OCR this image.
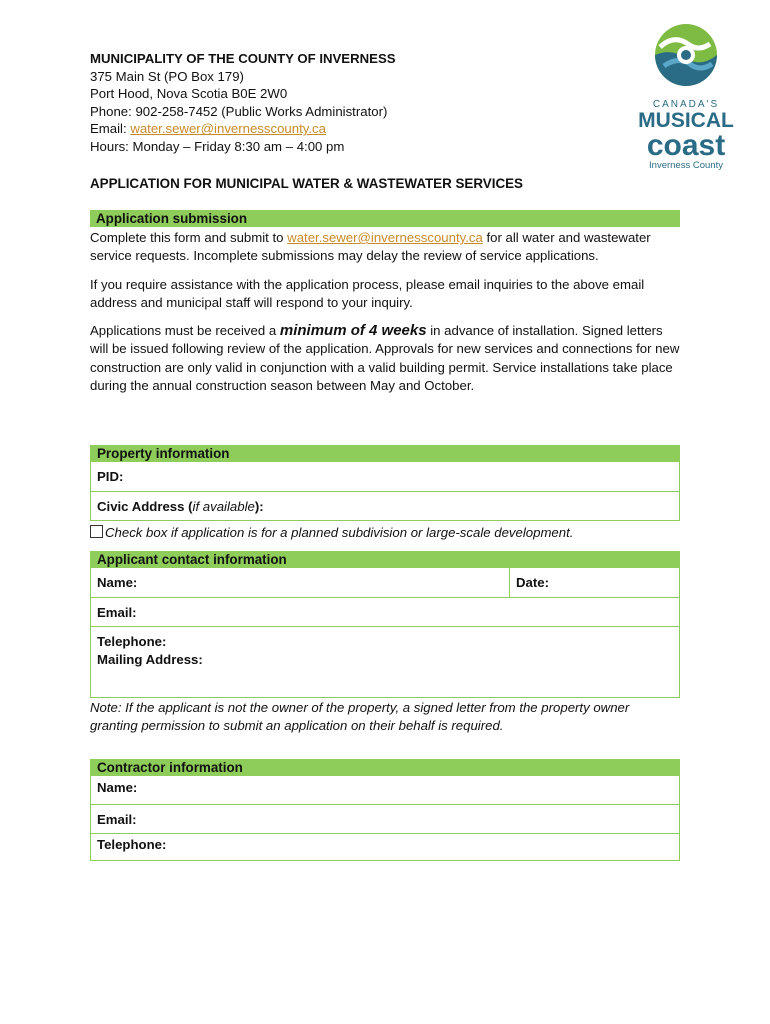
MUNICIPALITY OF THE COUNTY OF INVERNESS
375 Main St (PO Box 179)
Port Hood, Nova Scotia B0E 2W0
Phone: 902-258-7452 (Public Works Administrator)
Email: water.sewer@invernesscounty.ca
Hours: Monday – Friday 8:30 am – 4:00 pm
CANADA'S
MUSICAL
coast
Inverness County
APPLICATION FOR MUNICIPAL WATER & WASTEWATER SERVICES
Application submission

Complete this form and submit to water.sewer@invernesscounty.ca for all water and wastewater service requests. Incomplete submissions may delay the review of service applications.

If you require assistance with the application process, please email inquiries to the above email address and municipal staff will respond to your inquiry.

Applications must be received a minimum of 4 weeks in advance of installation. Signed letters will be issued following review of the application. Approvals for new services and connections for new construction are only valid in conjunction with a valid building permit. Service installations take place during the annual construction season between May and October.

Property information
PID:
Civic Address (if available):
Check box if application is for a planned subdivision or large-scale development.
Applicant contact information
Name:	Date:
Email:
Telephone:
Mailing Address:

Note: If the applicant is not the owner of the property, a signed letter from the property owner granting permission to submit an application on their behalf is required.

Contractor information
Name:
Email:
Telephone:
